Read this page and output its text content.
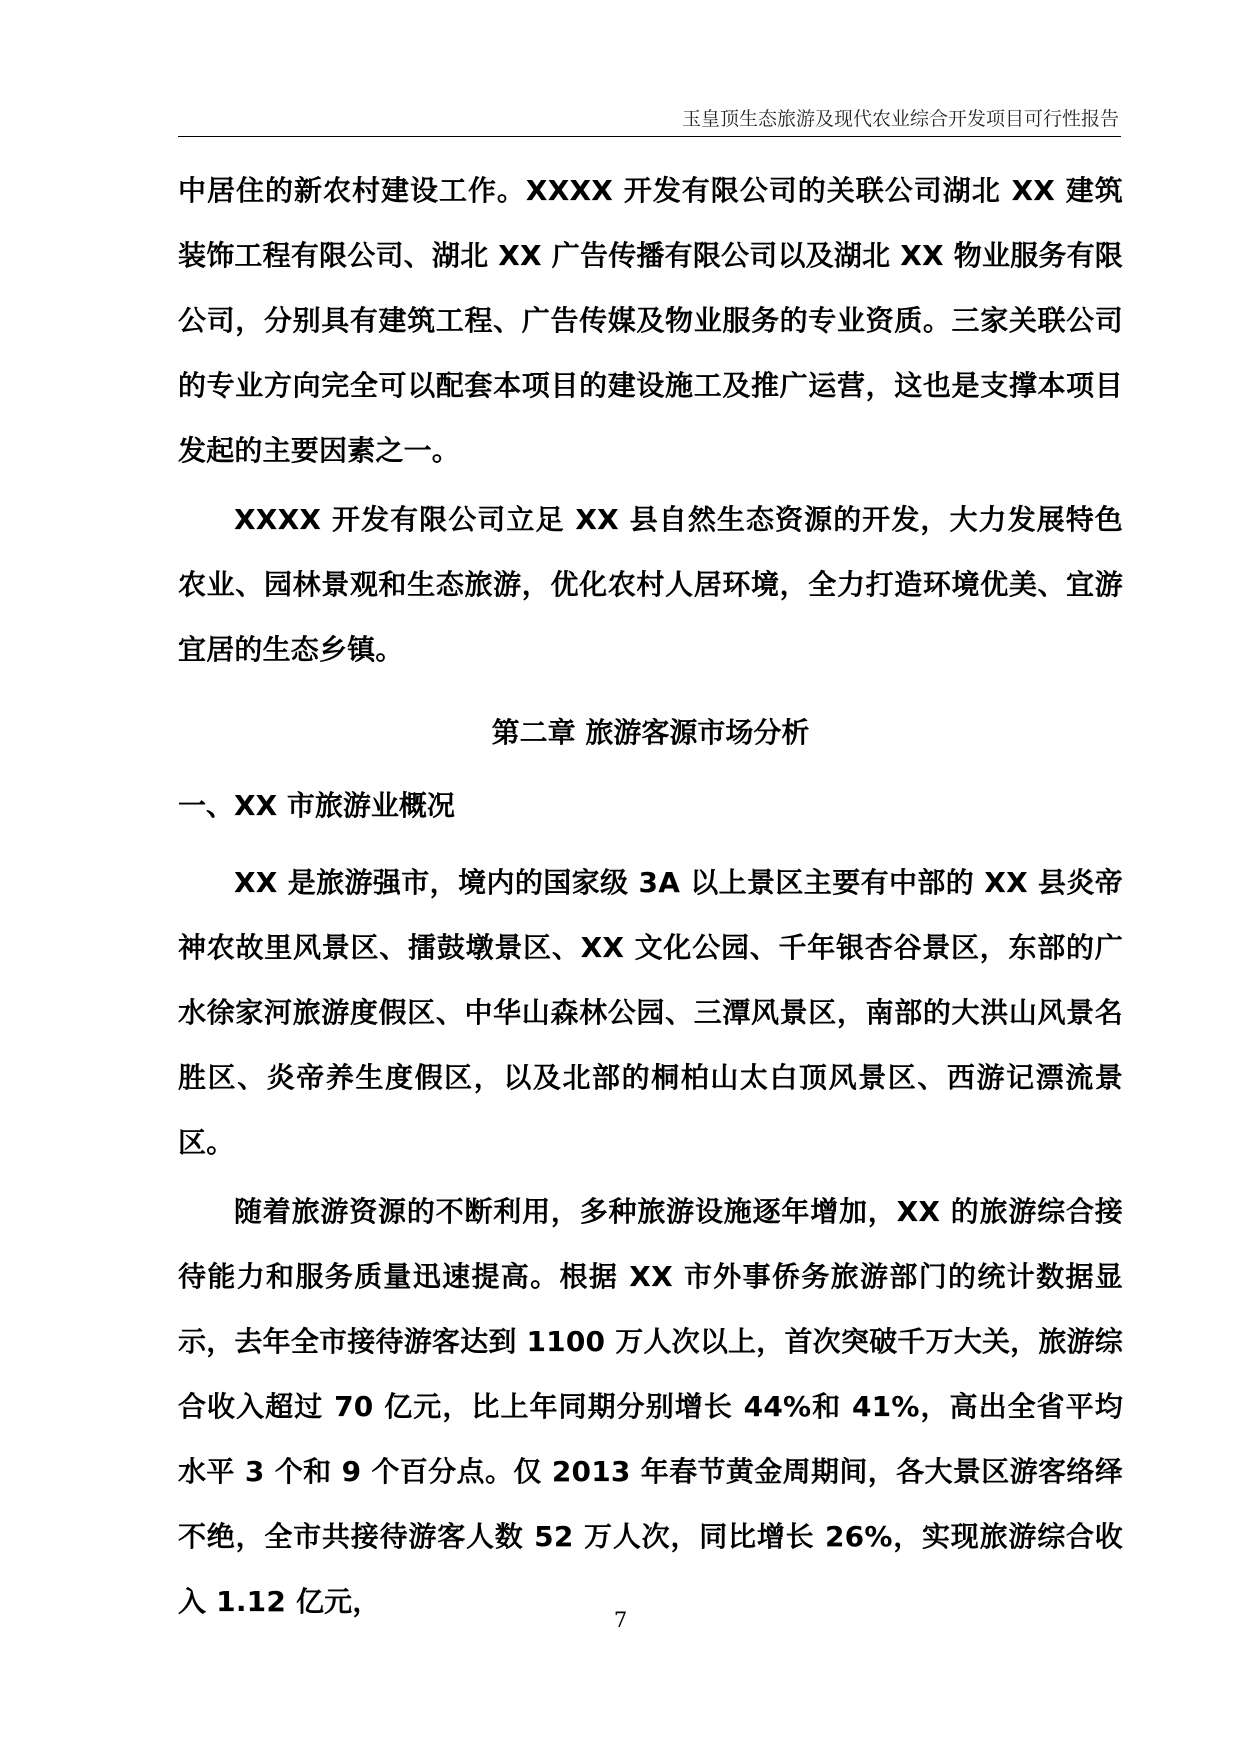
玉皇顶生态旅游及现代农业综合开发项目可行性报告

中居住的新农村建设工作。XXXX 开发有限公司的关联公司湖北 XX 建筑装饰工程有限公司、湖北 XX 广告传播有限公司以及湖北 XX 物业服务有限公司，分别具有建筑工程、广告传媒及物业服务的专业资质。三家关联公司的专业方向完全可以配套本项目的建设施工及推广运营，这也是支撑本项目发起的主要因素之一。

XXXX 开发有限公司立足 XX 县自然生态资源的开发，大力发展特色农业、园林景观和生态旅游，优化农村人居环境，全力打造环境优美、宜游宜居的生态乡镇。

第二章 旅游客源市场分析
一、XX 市旅游业概况

XX 是旅游强市，境内的国家级 3A 以上景区主要有中部的 XX 县炎帝神农故里风景区、擂鼓墩景区、XX 文化公园、千年银杏谷景区，东部的广水徐家河旅游度假区、中华山森林公园、三潭风景区，南部的大洪山风景名胜区、炎帝养生度假区，以及北部的桐柏山太白顶风景区、西游记漂流景区。

随着旅游资源的不断利用，多种旅游设施逐年增加，XX 的旅游综合接待能力和服务质量迅速提高。根据 XX 市外事侨务旅游部门的统计数据显示，去年全市接待游客达到 1100 万人次以上，首次突破千万大关，旅游综合收入超过 70 亿元，比上年同期分别增长 44%和 41%，高出全省平均水平 3 个和 9 个百分点。仅 2013 年春节黄金周期间，各大景区游客络绎不绝，全市共接待游客人数 52 万人次，同比增长 26%，实现旅游综合收入 1.12 亿元，

7
